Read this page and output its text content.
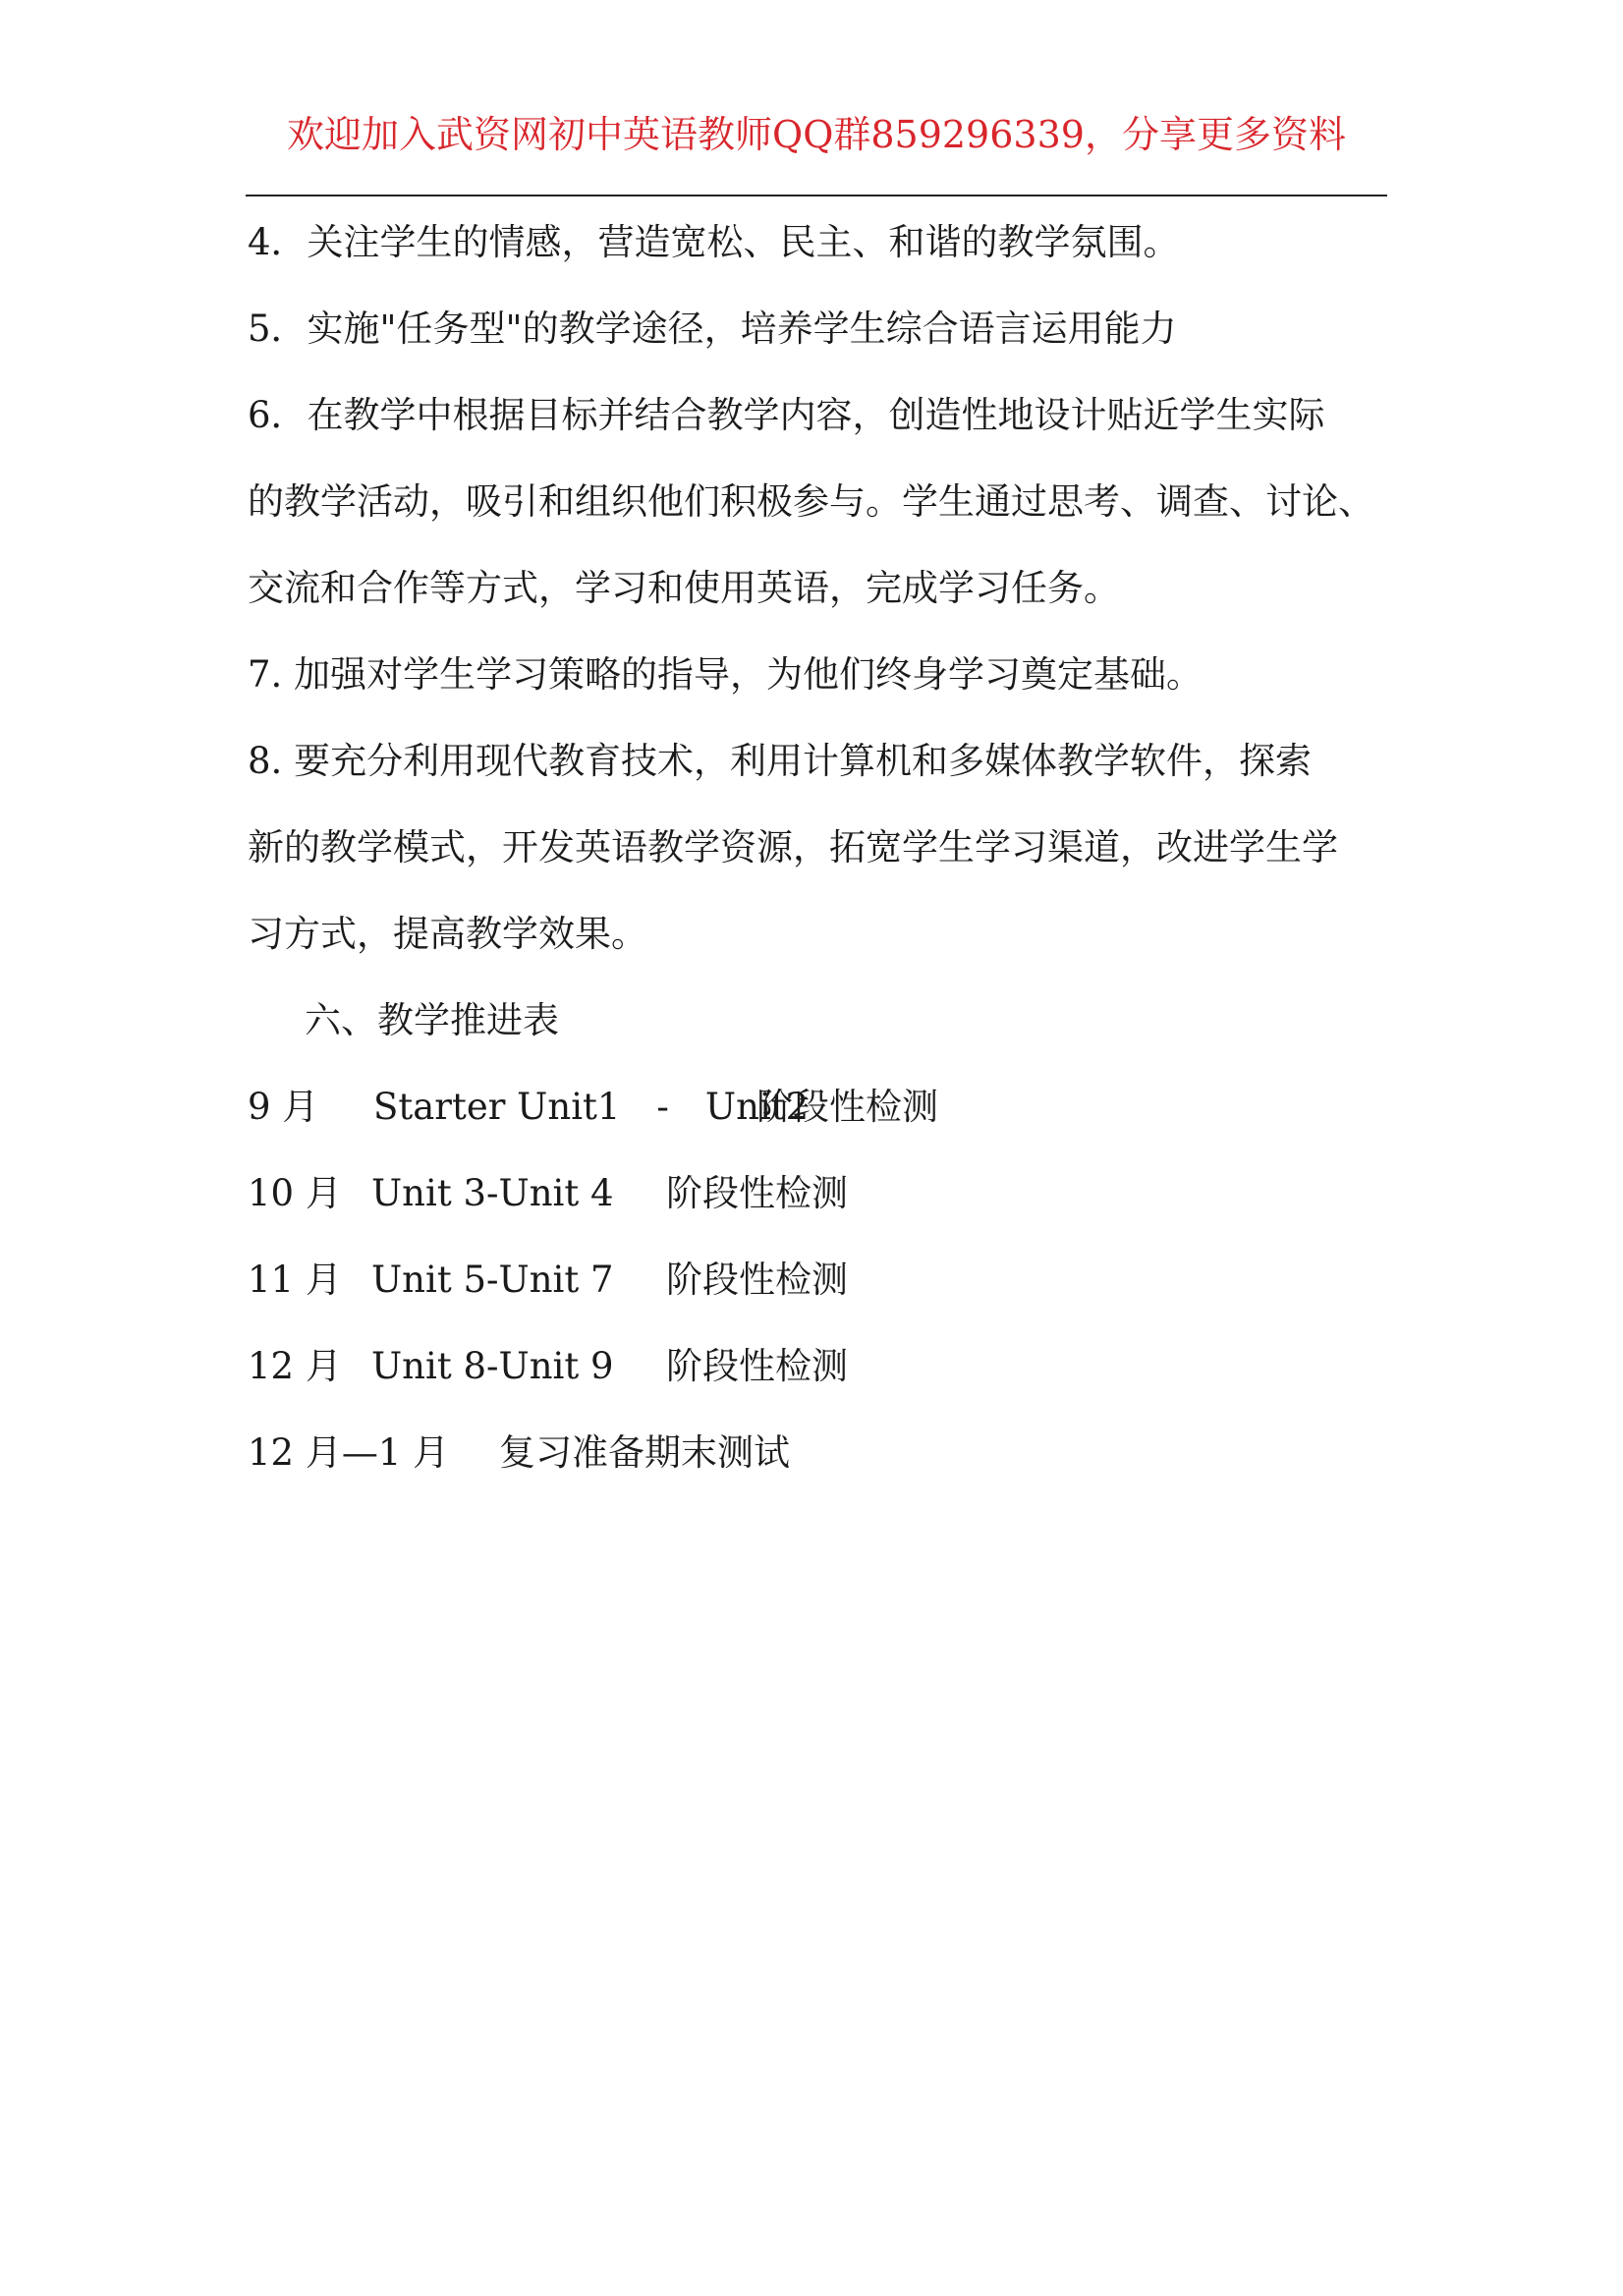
欢迎加入武资网初中英语教师QQ群859296339，分享更多资料
4．关注学生的情感，营造宽松、民主、和谐的教学氛围。
5．实施"任务型"的教学途径，培养学生综合语言运用能力
6．在教学中根据目标并结合教学内容，创造性地设计贴近学生实际
的教学活动，吸引和组织他们积极参与。学生通过思考、调查、讨论、
交流和合作等方式，学习和使用英语，完成学习任务。
7. 加强对学生学习策略的指导，为他们终身学习奠定基础。
8. 要充分利用现代教育技术，利用计算机和多媒体教学软件，探索
新的教学模式，开发英语教学资源，拓宽学生学习渠道，改进学生学
习方式，提高教学效果。
六、教学推进表
9 月 Starter Unit1　-　Unit2
阶段性检测
10 月 Unit 3-Unit 4 阶段性检测
11 月 Unit 5-Unit 7 阶段性检测
12 月 Unit 8-Unit 9 阶段性检测
12 月—1 月 复习准备期末测试
